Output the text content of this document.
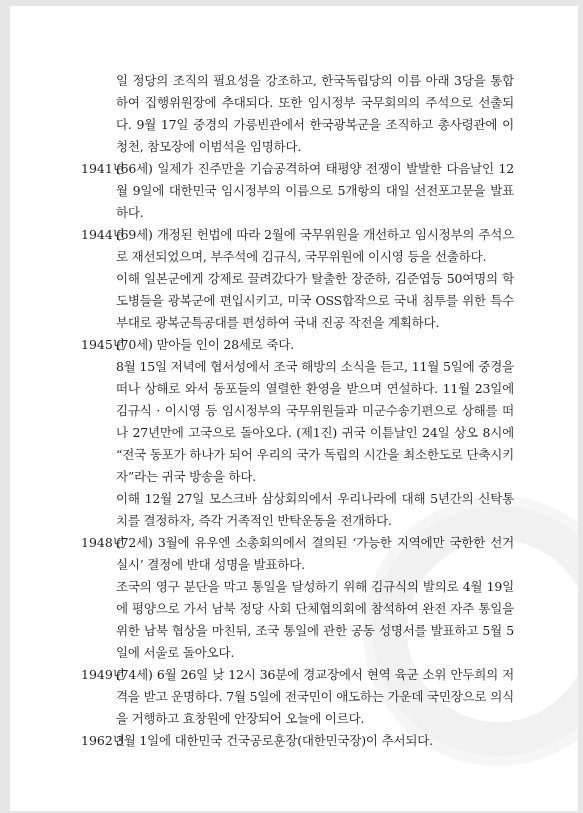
일 정당의 조직의 필요성을 강조하고, 한국독립당의 이름 아래 3당을 통합하여 집행위원장에 추대되다. 또한 임시정부 국무회의의 주석으로 선출되다. 9월 17일 중경의 가릉빈관에서 한국광복군을 조직하고 총사령관에 이청천, 참모장에 이범석을 임명하다.

1941년

(66세) 일제가 진주만을 기습공격하여 태평양 전쟁이 발발한 다음날인 12월 9일에 대한민국 임시정부의 이름으로 5개항의 대일 선전포고문을 발표하다.

1944년

(69세) 개정된 헌법에 따라 2월에 국무위원을 개선하고 임시정부의 주석으로 재선되었으며, 부주석에 김규식, 국무위원에 이시영 등을 선출하다.

이해 일본군에게 강제로 끌려갔다가 탈출한 장준하, 김준엽등 50여명의 학도병들을 광복군에 편입시키고, 미국 OSS합작으로 국내 침투를 위한 특수부대로 광복군특공대를 편성하여 국내 진공 작전을 계획하다.

1945년

(70세) 맏아들 인이 28세로 죽다.

8월 15일 저녁에 협서성에서 조국 해방의 소식을 듣고, 11월 5일에 중경을 떠나 상해로 와서 동포들의 열렬한 환영을 받으며 연설하다. 11월 23일에 김규식 · 이시영 등 임시정부의 국무위원들과 미군수송기편으로 상해를 떠나 27년만에 고국으로 돌아오다. (제1진) 귀국 이튿날인 24일 상오 8시에 “전국 동포가 하나가 되어 우리의 국가 독립의 시간을 최소한도로 단축시키자”라는 귀국 방송을 하다.

이해 12월 27일 모스크바 삼상회의에서 우리나라에 대해 5년간의 신탁통치를 결정하자, 즉각 거족적인 반탁운동을 전개하다.

1948년

(72세) 3월에 유우엔 소총회의에서 결의된 ‘가능한 지역에만 국한한 선거실시’ 결정에 반대 성명을 발표하다.

조국의 영구 분단을 막고 통일을 달성하기 위해 김규식의 발의로 4월 19일에 평양으로 가서 남북 정당 사회 단체협의회에 참석하여 완전 자주 통일을 위한 남북 협상을 마친뒤, 조국 통일에 관한 공동 성명서를 발표하고 5월 5일에 서울로 돌아오다.

1949년

(74세) 6월 26일 낮 12시 36분에 경교장에서 현역 육군 소위 안두희의 저격을 받고 운명하다. 7월 5일에 전국민이 애도하는 가운데 국민장으로 의식을 거행하고 효창원에 안장되어 오늘에 이르다.

1962년

3월 1일에 대한민국 건국공로훈장(대한민국장)이 추서되다.
